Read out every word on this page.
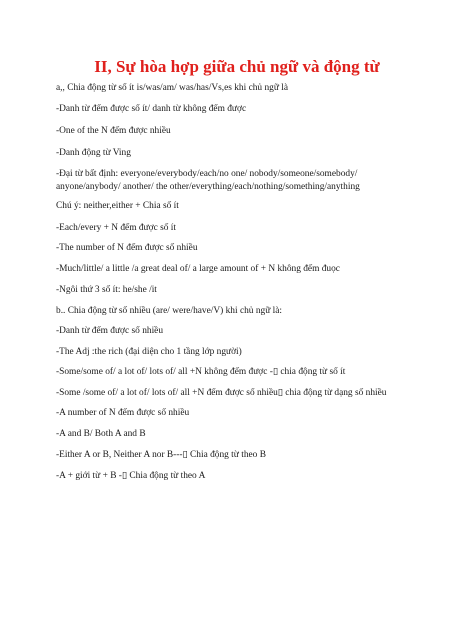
II, Sự hòa hợp giữa chủ ngữ và động từ
a,, Chia động từ số ít is/was/am/ was/has/Vs,es khi chủ ngữ là
-Danh từ đếm được số ít/ danh từ không đếm được
-One of the N đếm được nhiều
-Danh động từ Ving
-Đại từ bất định: everyone/everybody/each/no one/ nobody/someone/somebody/
anyone/anybody/ another/ the other/everything/each/nothing/something/anything
Chú ý: neither,either + Chia số ít
-Each/every + N đếm được số ít
-The number of N đếm được số nhiều
-Much/little/ a little /a great deal of/ a large amount of + N không đếm đuọc
-Ngôi thứ 3 số ít: he/she /it
b.. Chia động từ số nhiều (are/ were/have/V) khi chủ ngữ là:
-Danh từ đếm được số nhiều
-The Adj :the rich (đại diện cho 1 tầng lớp người)
-Some/some of/ a lot of/ lots of/ all +N không đếm được -▯ chia động từ số ít
-Some /some of/ a lot of/ lots of/ all +N đếm được số nhiều▯ chia động từ dạng số nhiều
-A number of N đếm được số nhiều
-A and B/ Both A and B
-Either A or B, Neither A nor B---▯ Chia động từ theo B
-A + giới từ + B -▯ Chia động từ theo A
